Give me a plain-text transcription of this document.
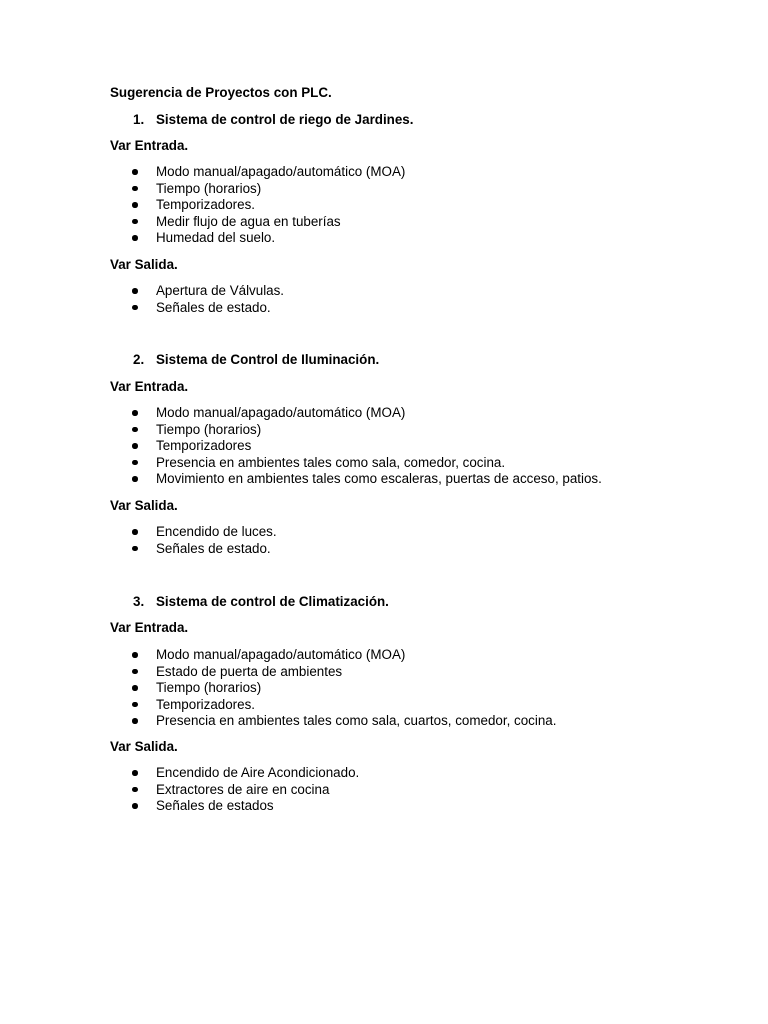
Sugerencia de Proyectos con PLC.
1. Sistema de control de riego de Jardines.
Var Entrada.
Modo manual/apagado/automático (MOA)
Tiempo (horarios)
Temporizadores.
Medir flujo de agua en tuberías
Humedad del suelo.
Var Salida.
Apertura de Válvulas.
Señales de estado.
2. Sistema de Control de Iluminación.
Var Entrada.
Modo manual/apagado/automático (MOA)
Tiempo (horarios)
Temporizadores
Presencia en ambientes tales como sala, comedor, cocina.
Movimiento en ambientes tales como escaleras, puertas de acceso, patios.
Var Salida.
Encendido de luces.
Señales de estado.
3. Sistema de control de Climatización.
Var Entrada.
Modo manual/apagado/automático (MOA)
Estado de puerta de ambientes
Tiempo (horarios)
Temporizadores.
Presencia en ambientes tales como sala, cuartos, comedor, cocina.
Var Salida.
Encendido de Aire Acondicionado.
Extractores de aire en cocina
Señales de estados
